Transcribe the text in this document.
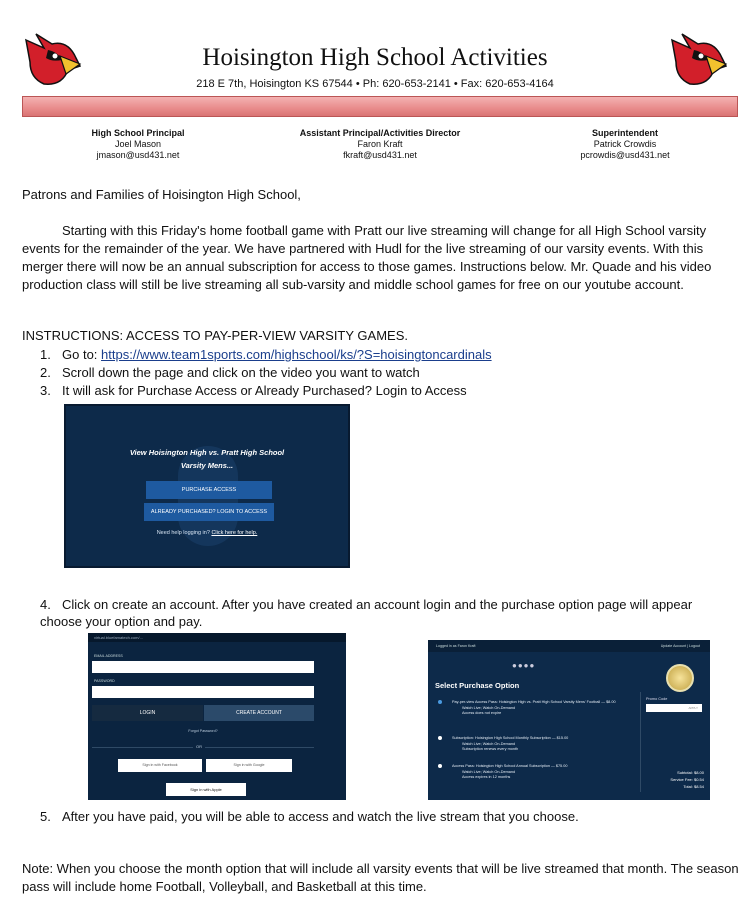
Hoisington High School Activities
218 E 7th, Hoisington KS 67544 • Ph: 620-653-2141 • Fax: 620-653-4164
High School Principal
Joel Mason
jmason@usd431.net
Assistant Principal/Activities Director
Faron Kraft
fkraft@usd431.net
Superintendent
Patrick Crowdis
pcrowdis@usd431.net
Patrons and Families of Hoisington High School,
Starting with this Friday's home football game with Pratt our live streaming will change for all High School varsity events for the remainder of the year. We have partnered with Hudl for the live streaming of our varsity events. With this merger there will now be an annual subscription for access to those games. Instructions below. Mr. Quade and his video production class will still be live streaming all sub-varsity and middle school games for free on our youtube account.
INSTRUCTIONS: ACCESS TO PAY-PER-VIEW VARSITY GAMES.
1. Go to: https://www.team1sports.com/highschool/ks/?S=hoisingtoncardinals
2. Scroll down the page and click on the video you want to watch
3. It will ask for Purchase Access or Already Purchased? Login to Access
View Hoisington High vs. Pratt High School
Varsity Mens...
PURCHASE ACCESS
ALREADY PURCHASED? LOGIN TO ACCESS
Need help logging in? Click here for help.
4. Click on create an account. After you have created an account login and the purchase option page will appear choose your option and pay.
virtual.bluefamatech.com/...
EMAIL ADDRESS
PASSWORD
LOGIN	CREATE ACCOUNT
Forgot Password?
OR
Sign in with Facebook	Sign in with Google
Sign in with Apple
Logged in as Faron Kraft	Update Account | Logout
●●●●
Select Purchase Option
Pay-per-view Access Pass: Hoisington High vs. Pratt High School Varsity Mens' Football — $8.00
Watch Live; Watch On-Demand
Access does not expire
Subscription: Hoisington High School Monthly Subscription — $15.00
Watch Live; Watch On-Demand
Subscription renews every month
Access Pass: Hoisington High School Annual Subscription — $75.00
Watch Live; Watch On-Demand
Access expires in 12 months
Promo Code
APPLY
Subtotal: $8.00
Service Fee: $0.54
Total: $8.54
5. After you have paid, you will be able to access and watch the live stream that you choose.
Note: When you choose the month option that will include all varsity events that will be live streamed that month. The season pass will include home Football, Volleyball, and Basketball at this time.
